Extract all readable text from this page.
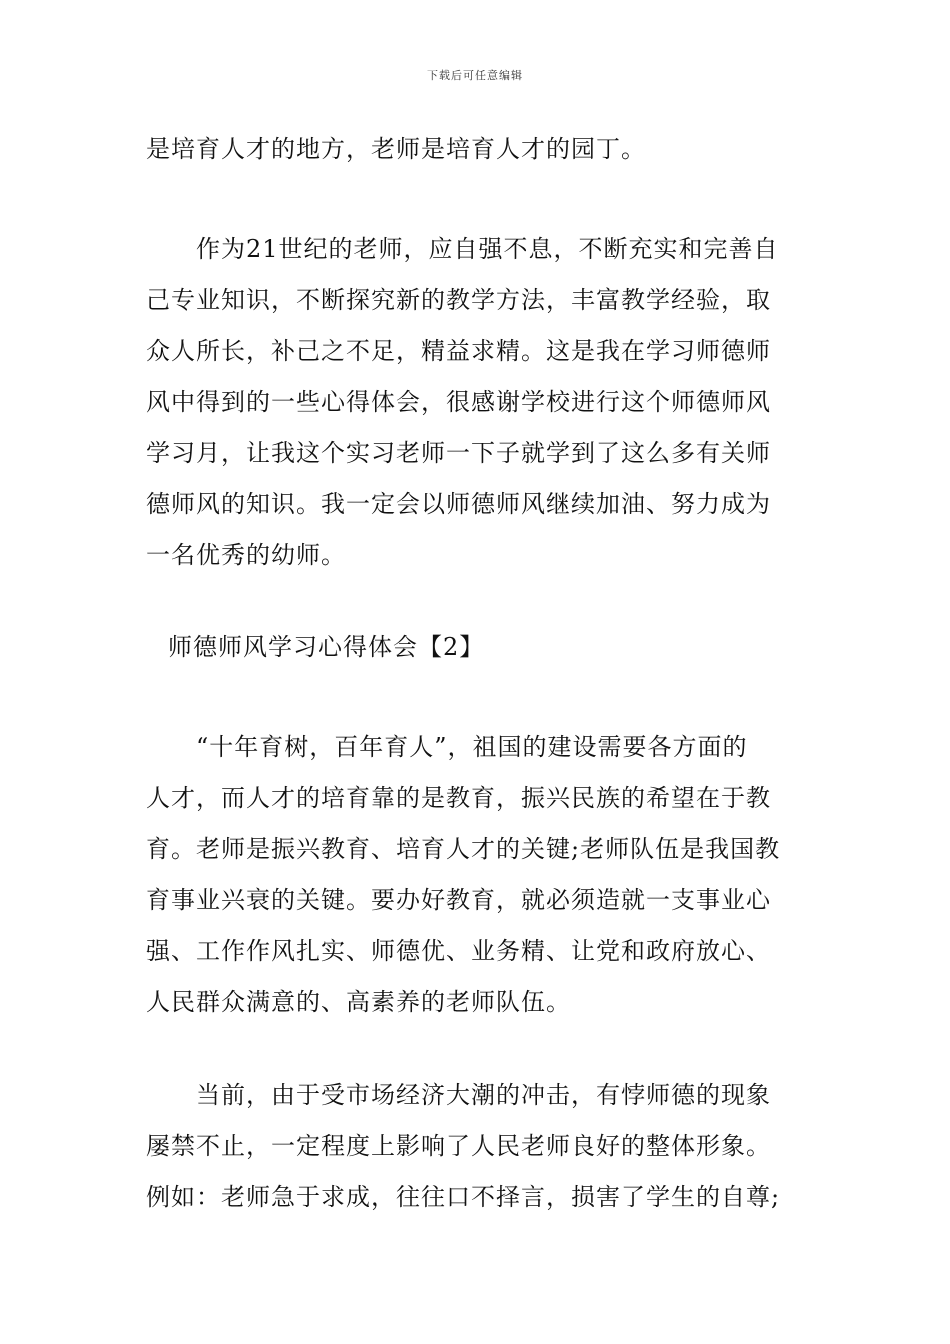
下载后可任意编辑
是培育人才的地方，老师是培育人才的园丁。
作为21世纪的老师，应自强不息，不断充实和完善自
己专业知识，不断探究新的教学方法，丰富教学经验，取
众人所长，补己之不足，精益求精。这是我在学习师德师
风中得到的一些心得体会，很感谢学校进行这个师德师风
学习月，让我这个实习老师一下子就学到了这么多有关师
德师风的知识。我一定会以师德师风继续加油、努力成为
一名优秀的幼师。
师德师风学习心得体会【2】
“十年育树，百年育人”，祖国的建设需要各方面的
人才，而人才的培育靠的是教育，振兴民族的希望在于教
育。老师是振兴教育、培育人才的关键;老师队伍是我国教
育事业兴衰的关键。要办好教育，就必须造就一支事业心
强、工作作风扎实、师德优、业务精、让党和政府放心、
人民群众满意的、高素养的老师队伍。
当前，由于受市场经济大潮的冲击，有悖师德的现象
屡禁不止，一定程度上影响了人民老师良好的整体形象。
例如：老师急于求成，往往口不择言，损害了学生的自尊;
